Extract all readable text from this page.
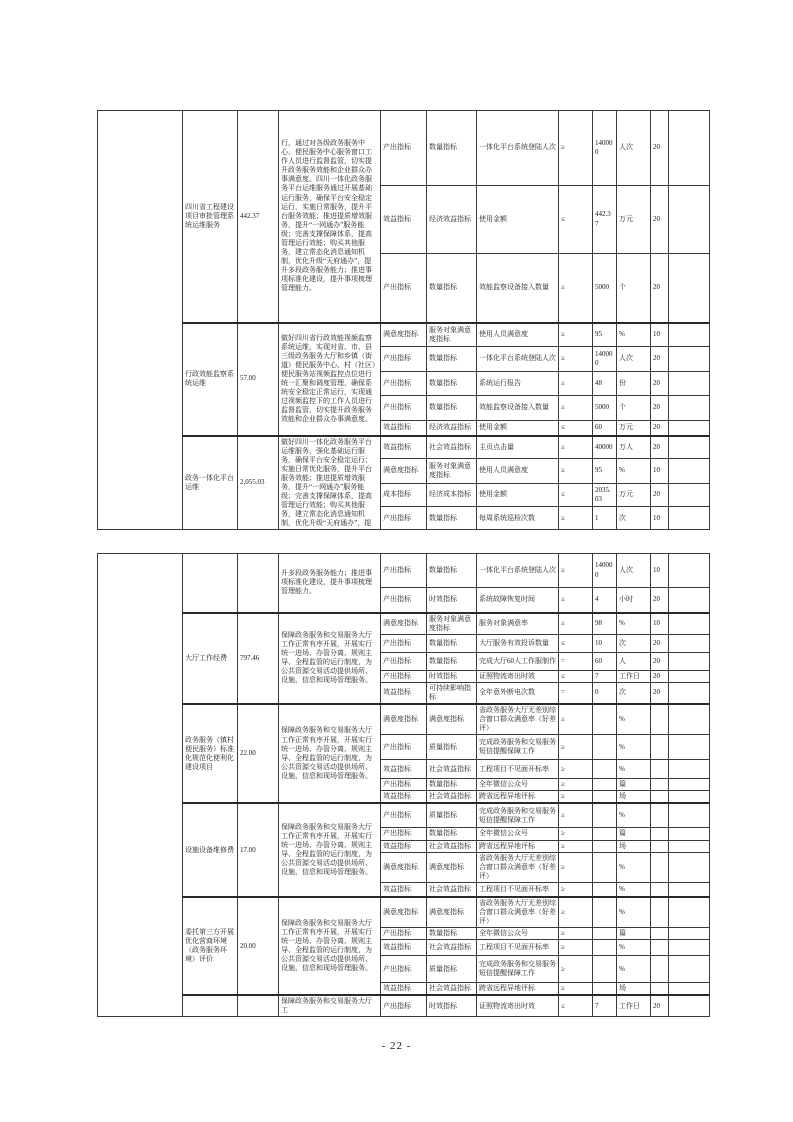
	四川省工程建设项目审批管理系统运维服务	442.37	行，通过对各级政务服务中心、便民服务中心服务窗口工作人员进行监督监管，切实提升政务服务效能和企业群众办事满意度。四川一体化政务服务平台运维服务通过开展基础运行服务，确保平台安全稳定运行，实施日常服务，提升平台服务效能；推进提质增效服务，提升“一网通办”服务能级；完善支撑保障体系，提高管理运行效能；购买其他服务，建立常态化消息通知机制，优化升级“天府通办”，提升多段政务服务能力；推进事项标准化建设，提升事项梳理管理能力。	产出指标	数量指标	一体化平台系统登陆人次	≥	140000	人次	20	
				效益指标	经济效益指标	使用金额	≤	442.37	万元	20	
				产出指标	数量指标	效能监察设备接入数量	≥	5000	个	20	
	行政效能监察系统运维	57.00	做好四川省行政效能视频监察系统运维，实现对省、市、县三级政务服务大厅和乡镇（街道）便民服务中心、村（社区）便民服务站视频监控点位进行统一汇聚和调度管理，确保系统安全稳定正常运行，实现通过视频监控下的工作人员进行监督监管，切实提升政务服务效能和企业群众办事满意度。	满意度指标	服务对象满意度指标	使用人员满意度	≥	95	%	10	
				产出指标	数量指标	一体化平台系统登陆人次	≥	140000	人次	20	
				产出指标	数量指标	系统运行报告	≥	48	份	20	
				产出指标	数量指标	效能监察设备接入数量	≥	5000	个	20	
				效益指标	经济效益指标	使用金额	≤	60	万元	20	
	政务一体化平台运维	2,055.03	做好四川一体化政务服务平台运维服务，强化基础运行服务，确保平台安全稳定运行；实施日常优化服务，提升平台服务效能；推进提质增效服务，提升“一网通办”服务能级；完善支撑保障体系，提高管理运行效能；购买其他服务，建立常态化消息通知机制，优化升级“天府通办”，提	效益指标	社会效益指标	主页点击量	≥	40000	万人	20	
				满意度指标	服务对象满意度指标	使用人员满意度	≥	95	%	10	
				成本指标	经济成本指标	使用金额	≤	2035.03	万元	20	
				产出指标	数量指标	每周系统巡检次数	≥	1	次	10	
			升多段政务服务能力；推进事项标准化建设，提升事项梳理管理能力。	产出指标	数量指标	一体化平台系统登陆人次	≥	140000	人次	10	
				产出指标	时效指标	系统故障恢复时间	≤	4	小时	20	
	大厅工作经费	797.46	保障政务服务和交易服务大厅工作正常有序开展，开展实行统一进场、办管分离、规则主导、全程监管的运行制度，为公共资源交易活动提供场所、设施、信息和现场管理服务。	满意度指标	服务对象满意度指标	服务对象满意率	≥	98	%	10	
				产出指标	数量指标	大厅服务有效投诉数量	≤	10	次	20	
				产出指标	数量指标	完成大厅60人工作服制作	=	60	人	20	
				产出指标	时效指标	证照物流寄出时效	≤	7	工作日	20	
				效益指标	可持续影响指标	全年意外断电次数	=	0	次	20	
	政务服务（镇村便民服务）标准化规范化便利化建设项目	22.00	保障政务服务和交易服务大厅工作正常有序开展，开展实行统一进场、办管分离、规则主导、全程监管的运行制度，为公共资源交易活动提供场所、设施、信息和现场管理服务。	满意度指标	满意度指标	省政务服务大厅无差别综合窗口群众满意率（好差评）	≥		%		
				产出指标	质量指标	完成政务服务和交易服务短信提醒保障工作	≥		%		
				效益指标	社会效益指标	工程项目不见面开标率	≥		%		
				产出指标	数量指标	全年微信公众号	≥		篇		
				效益指标	社会效益指标	跨省远程异地评标	≥		场		
	设施设备维修费	17.00	保障政务服务和交易服务大厅工作正常有序开展，开展实行统一进场、办管分离、规则主导、全程监管的运行制度，为公共资源交易活动提供场所、设施、信息和现场管理服务。	产出指标	质量指标	完成政务服务和交易服务短信提醒保障工作	≥		%		
				产出指标	数量指标	全年微信公众号	≥		篇		
				效益指标	社会效益指标	跨省远程异地评标	≥		场		
				满意度指标	满意度指标	省政务服务大厅无差别综合窗口群众满意率（好差评）	≥		%		
				效益指标	社会效益指标	工程项目不见面开标率	≥		%		
	委托第三方开展优化营商环境（政务服务环境）评价	20.00	保障政务服务和交易服务大厅工作正常有序开展，开展实行统一进场、办管分离、规则主导、全程监管的运行制度，为公共资源交易活动提供场所、设施、信息和现场管理服务。	满意度指标	满意度指标	省政务服务大厅无差别综合窗口群众满意率（好差评）	≥		%		
				产出指标	数量指标	全年微信公众号	≥		篇		
				效益指标	社会效益指标	工程项目不见面开标率	≥		%		
				产出指标	质量指标	完成政务服务和交易服务短信提醒保障工作	≥		%		
				效益指标	社会效益指标	跨省远程异地评标	≥		场		
			保障政务服务和交易服务大厅工	产出指标	时效指标	证照物流寄出时效	≤	7	工作日	20	
- 22 -
